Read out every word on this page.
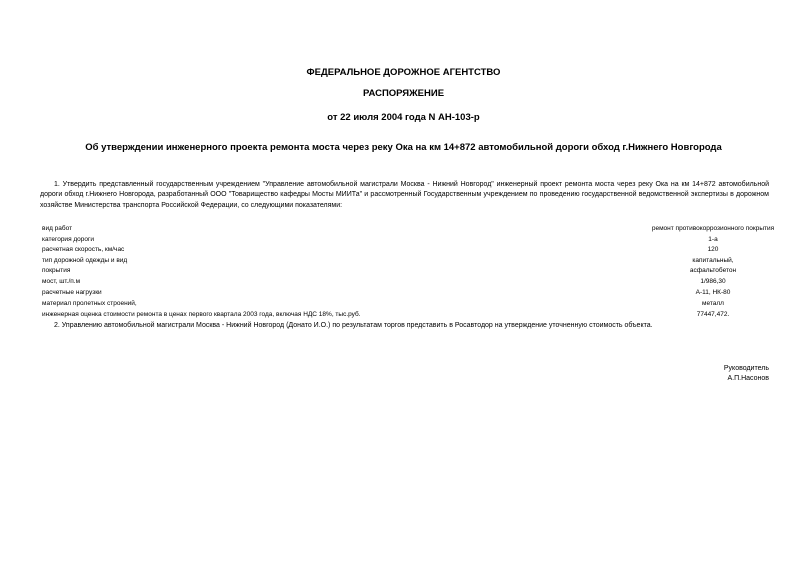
ФЕДЕРАЛЬНОЕ ДОРОЖНОЕ АГЕНТСТВО
РАСПОРЯЖЕНИЕ
от 22 июля 2004 года N АН-103-р
Об утверждении инженерного проекта ремонта моста через реку Ока на км 14+872 автомобильной дороги обход г.Нижнего Новгорода
1. Утвердить представленный государственным учреждением "Управление автомобильной магистрали Москва - Нижний Новгород" инженерный проект ремонта моста через реку Ока на км 14+872 автомобильной дороги обход г.Нижнего Новгорода, разработанный ООО "Товарищество кафедры Мосты МИИТа" и рассмотренный Государственным учреждением по проведению государственной ведомственной экспертизы в дорожном хозяйстве Министерства транспорта Российской Федерации, со следующими показателями:
вид работ	ремонт противокоррозионного покрытия
категория дороги	1-а
расчетная скорость, км/час	120
тип дорожной одежды и вид	капитальный,
покрытия	асфальтобетон
мост, шт./п.м	1/986,30
расчетные нагрузки	А-11, НК-80
материал пролетных строений,	металл
инженерная оценка стоимости ремонта в ценах первого квартала 2003 года, включая НДС 18%, тыс.руб.	77447,472.
2. Управлению автомобильной магистрали Москва - Нижний Новгород (Донато И.О.) по результатам торгов представить в Росавтодор на утверждение уточненную стоимость объекта.
Руководитель
А.П.Насонов
